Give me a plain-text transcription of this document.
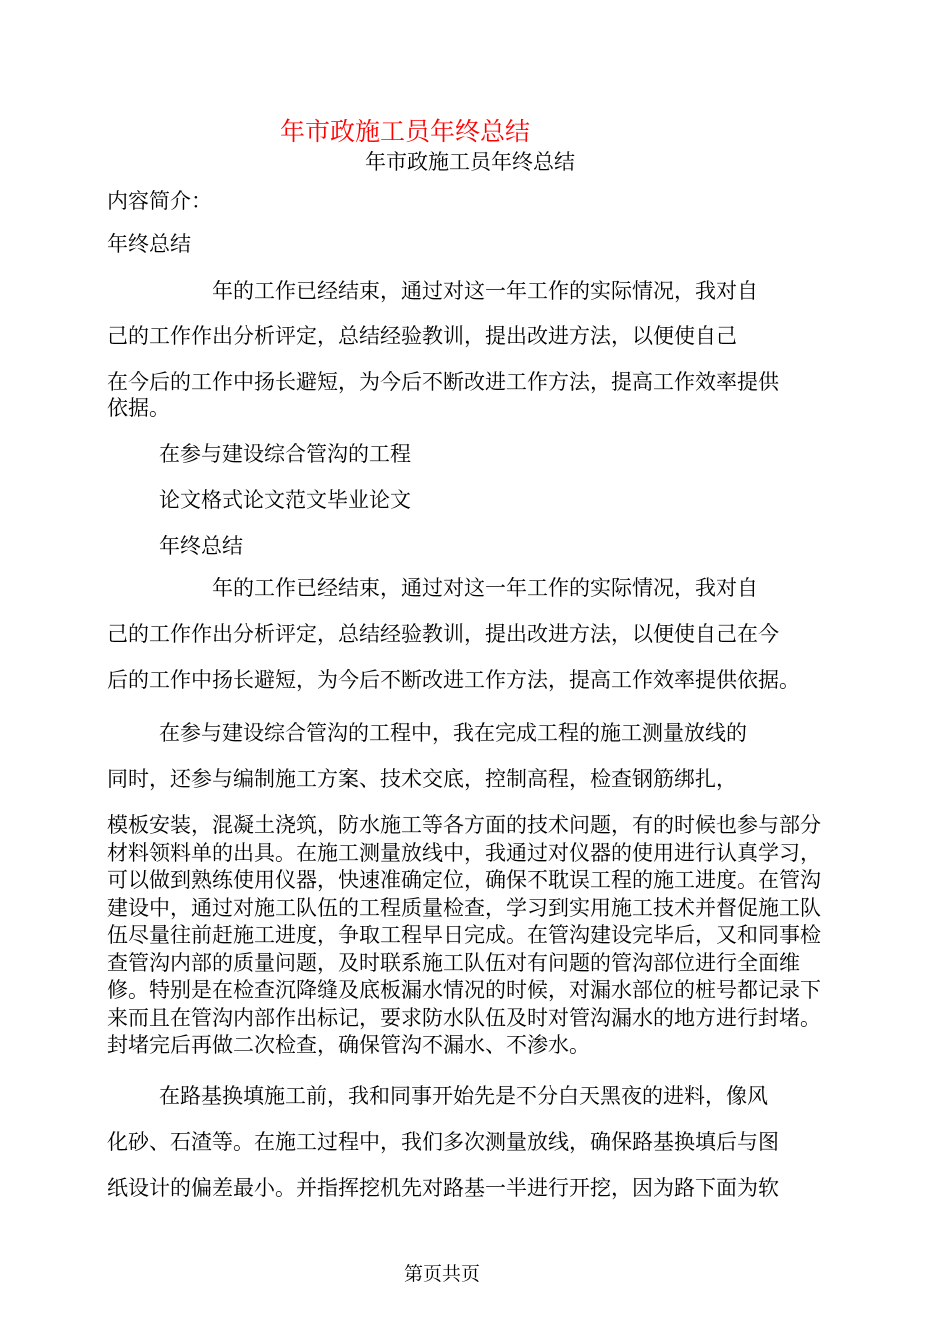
年市政施工员年终总结
年市政施工员年终总结
内容简介：
年终总结
年的工作已经结束，通过对这一年工作的实际情况，我对自
己的工作作出分析评定，总结经验教训，提出改进方法，以便使自己
在今后的工作中扬长避短，为今后不断改进工作方法，提高工作效率提供
依据。
在参与建设综合管沟的工程
论文格式论文范文毕业论文
年终总结
年的工作已经结束，通过对这一年工作的实际情况，我对自
己的工作作出分析评定，总结经验教训，提出改进方法，以便使自己在今
后的工作中扬长避短，为今后不断改进工作方法，提高工作效率提供依据。
在参与建设综合管沟的工程中，我在完成工程的施工测量放线的
同时，还参与编制施工方案、技术交底，控制高程，检查钢筋绑扎，
模板安装，混凝土浇筑，防水施工等各方面的技术问题，有的时候也参与部分材料领料单的出具。在施工测量放线中，我通过对仪器的使用进行认真学习，可以做到熟练使用仪器，快速准确定位，确保不耽误工程的施工进度。在管沟建设中，通过对施工队伍的工程质量检查，学习到实用施工技术并督促施工队伍尽量往前赶施工进度，争取工程早日完成。在管沟建设完毕后，又和同事检查管沟内部的质量问题，及时联系施工队伍对有问题的管沟部位进行全面维修。特别是在检查沉降缝及底板漏水情况的时候，对漏水部位的桩号都记录下来而且在管沟内部作出标记，要求防水队伍及时对管沟漏水的地方进行封堵。封堵完后再做二次检查，确保管沟不漏水、不渗水。
在路基换填施工前，我和同事开始先是不分白天黑夜的进料，像风
化砂、石渣等。在施工过程中，我们多次测量放线，确保路基换填后与图
纸设计的偏差最小。并指挥挖机先对路基一半进行开挖，因为路下面为软
第页共页
